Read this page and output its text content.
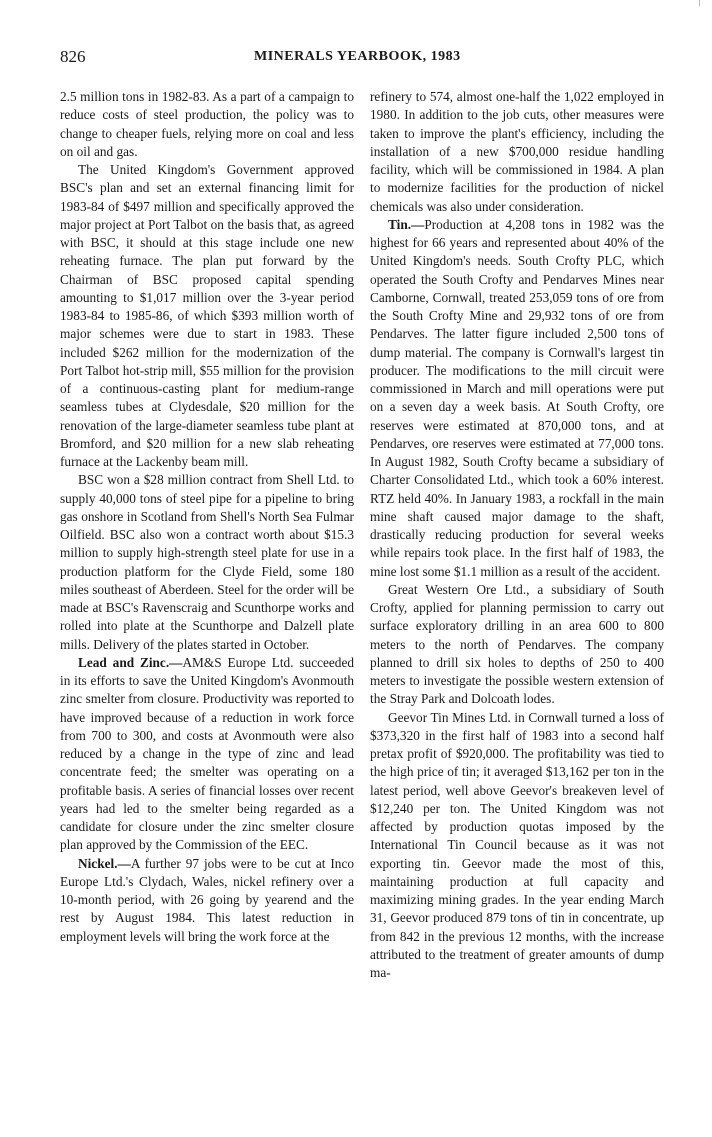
826	MINERALS YEARBOOK, 1983

2.5 million tons in 1982-83. As a part of a campaign to reduce costs of steel production, the policy was to change to cheaper fuels, relying more on coal and less on oil and gas.

The United Kingdom's Government approved BSC's plan and set an external financing limit for 1983-84 of $497 million and specifically approved the major project at Port Talbot on the basis that, as agreed with BSC, it should at this stage include one new reheating furnace. The plan put forward by the Chairman of BSC proposed capital spending amounting to $1,017 million over the 3-year period 1983-84 to 1985-86, of which $393 million worth of major schemes were due to start in 1983. These included $262 million for the modernization of the Port Talbot hot-strip mill, $55 million for the provision of a continuous-casting plant for medium-range seamless tubes at Clydesdale, $20 million for the renovation of the large-diameter seamless tube plant at Bromford, and $20 million for a new slab reheating furnace at the Lackenby beam mill.

BSC won a $28 million contract from Shell Ltd. to supply 40,000 tons of steel pipe for a pipeline to bring gas onshore in Scotland from Shell's North Sea Fulmar Oilfield. BSC also won a contract worth about $15.3 million to supply high-strength steel plate for use in a production platform for the Clyde Field, some 180 miles southeast of Aberdeen. Steel for the order will be made at BSC's Ravenscraig and Scunthorpe works and rolled into plate at the Scunthorpe and Dalzell plate mills. Delivery of the plates started in October.

Lead and Zinc.—AM&S Europe Ltd. succeeded in its efforts to save the United Kingdom's Avonmouth zinc smelter from closure. Productivity was reported to have improved because of a reduction in work force from 700 to 300, and costs at Avonmouth were also reduced by a change in the type of zinc and lead concentrate feed; the smelter was operating on a profitable basis. A series of financial losses over recent years had led to the smelter being regarded as a candidate for closure under the zinc smelter closure plan approved by the Commission of the EEC.

Nickel.—A further 97 jobs were to be cut at Inco Europe Ltd.'s Clydach, Wales, nickel refinery over a 10-month period, with 26 going by yearend and the rest by August 1984. This latest reduction in employment levels will bring the work force at the

refinery to 574, almost one-half the 1,022 employed in 1980. In addition to the job cuts, other measures were taken to improve the plant's efficiency, including the installation of a new $700,000 residue handling facility, which will be commissioned in 1984. A plan to modernize facilities for the production of nickel chemicals was also under consideration.

Tin.—Production at 4,208 tons in 1982 was the highest for 66 years and represented about 40% of the United Kingdom's needs. South Crofty PLC, which operated the South Crofty and Pendarves Mines near Camborne, Cornwall, treated 253,059 tons of ore from the South Crofty Mine and 29,932 tons of ore from Pendarves. The latter figure included 2,500 tons of dump material. The company is Cornwall's largest tin producer. The modifications to the mill circuit were commissioned in March and mill operations were put on a seven day a week basis. At South Crofty, ore reserves were estimated at 870,000 tons, and at Pendarves, ore reserves were estimated at 77,000 tons. In August 1982, South Crofty became a subsidiary of Charter Consolidated Ltd., which took a 60% interest. RTZ held 40%. In January 1983, a rockfall in the main mine shaft caused major damage to the shaft, drastically reducing production for several weeks while repairs took place. In the first half of 1983, the mine lost some $1.1 million as a result of the accident.

Great Western Ore Ltd., a subsidiary of South Crofty, applied for planning permission to carry out surface exploratory drilling in an area 600 to 800 meters to the north of Pendarves. The company planned to drill six holes to depths of 250 to 400 meters to investigate the possible western extension of the Stray Park and Dolcoath lodes.

Geevor Tin Mines Ltd. in Cornwall turned a loss of $373,320 in the first half of 1983 into a second half pretax profit of $920,000. The profitability was tied to the high price of tin; it averaged $13,162 per ton in the latest period, well above Geevor's breakeven level of $12,240 per ton. The United Kingdom was not affected by production quotas imposed by the International Tin Council because as it was not exporting tin. Geevor made the most of this, maintaining production at full capacity and maximizing mining grades. In the year ending March 31, Geevor produced 879 tons of tin in concentrate, up from 842 in the previous 12 months, with the increase attributed to the treatment of greater amounts of dump ma-
